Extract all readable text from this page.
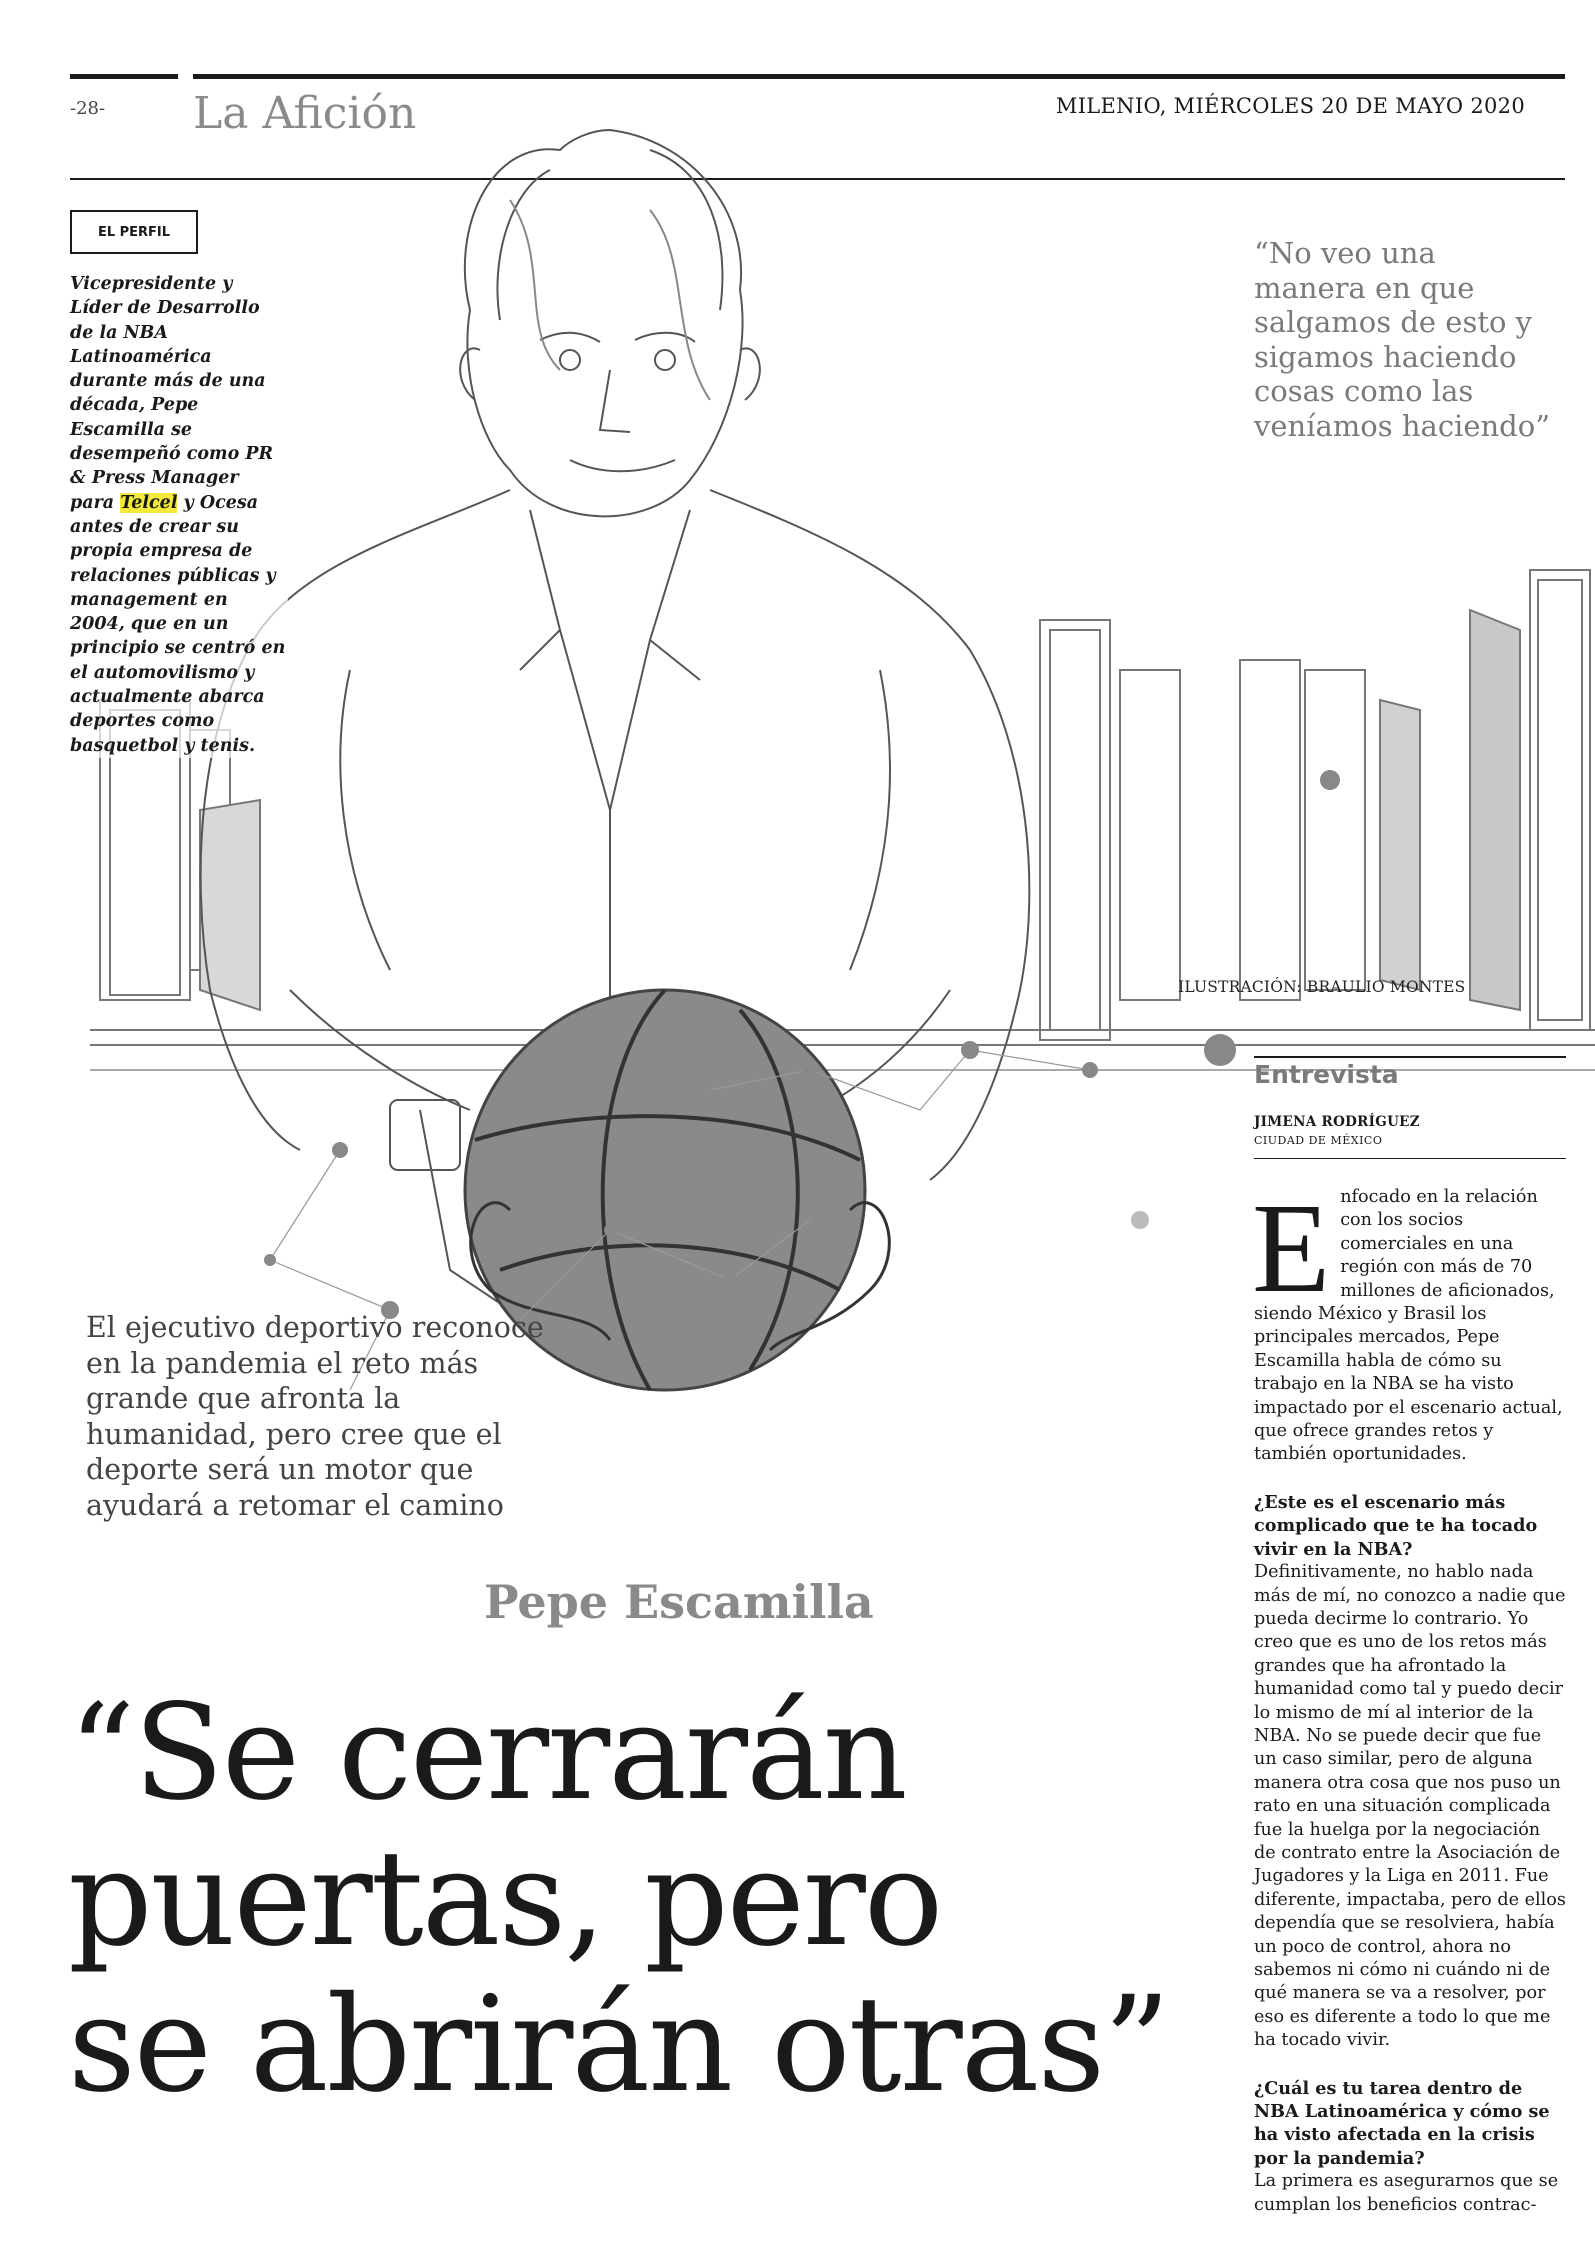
-28- La Afición	MILENIO, MIÉRCOLES 20 DE MAYO 2020
EL PERFIL
Vicepresidente y Líder de Desarrollo de la NBA Latinoamérica durante más de una década, Pepe Escamilla se desempeñó como PR & Press Manager para Telcel y Ocesa antes de crear su propia empresa de relaciones públicas y management en 2004, que en un principio se centró en el automovilismo y actualmente abarca deportes como basquetbol y tenis.
“No veo una manera en que salgamos de esto y sigamos haciendo cosas como las veníamos haciendo”
ILUSTRACIÓN: BRAULIO MONTES
El ejecutivo deportivo reconoce en la pandemia el reto más grande que afronta la humanidad, pero cree que el deporte será un motor que ayudará a retomar el camino
Pepe Escamilla
“Se cerrarán
puertas, pero
se abrirán otras”
Entrevista
JIMENA RODRÍGUEZ
CIUDAD DE MÉXICO

Enfocado en la relación con los socios comerciales en una región con más de 70 millones de aficionados, siendo México y Brasil los principales mercados, Pepe Escamilla habla de cómo su trabajo en la NBA se ha visto impactado por el escenario actual, que ofrece grandes retos y también oportunidades.

¿Este es el escenario más complicado que te ha tocado vivir en la NBA?
Definitivamente, no hablo nada más de mí, no conozco a nadie que pueda decirme lo contrario. Yo creo que es uno de los retos más grandes que ha afrontado la humanidad como tal y puedo decir lo mismo de mí al interior de la NBA. No se puede decir que fue un caso similar, pero de alguna manera otra cosa que nos puso un rato en una situación complicada fue la huelga por la negociación de contrato entre la Asociación de Jugadores y la Liga en 2011. Fue diferente, impactaba, pero de ellos dependía que se resolviera, había un poco de control, ahora no sabemos ni cómo ni cuándo ni de qué manera se va a resolver, por eso es diferente a todo lo que me ha tocado vivir.

¿Cuál es tu tarea dentro de NBA Latinoamérica y cómo se ha visto afectada en la crisis por la pandemia?
La primera es asegurarnos que se cumplan los beneficios contrac-
